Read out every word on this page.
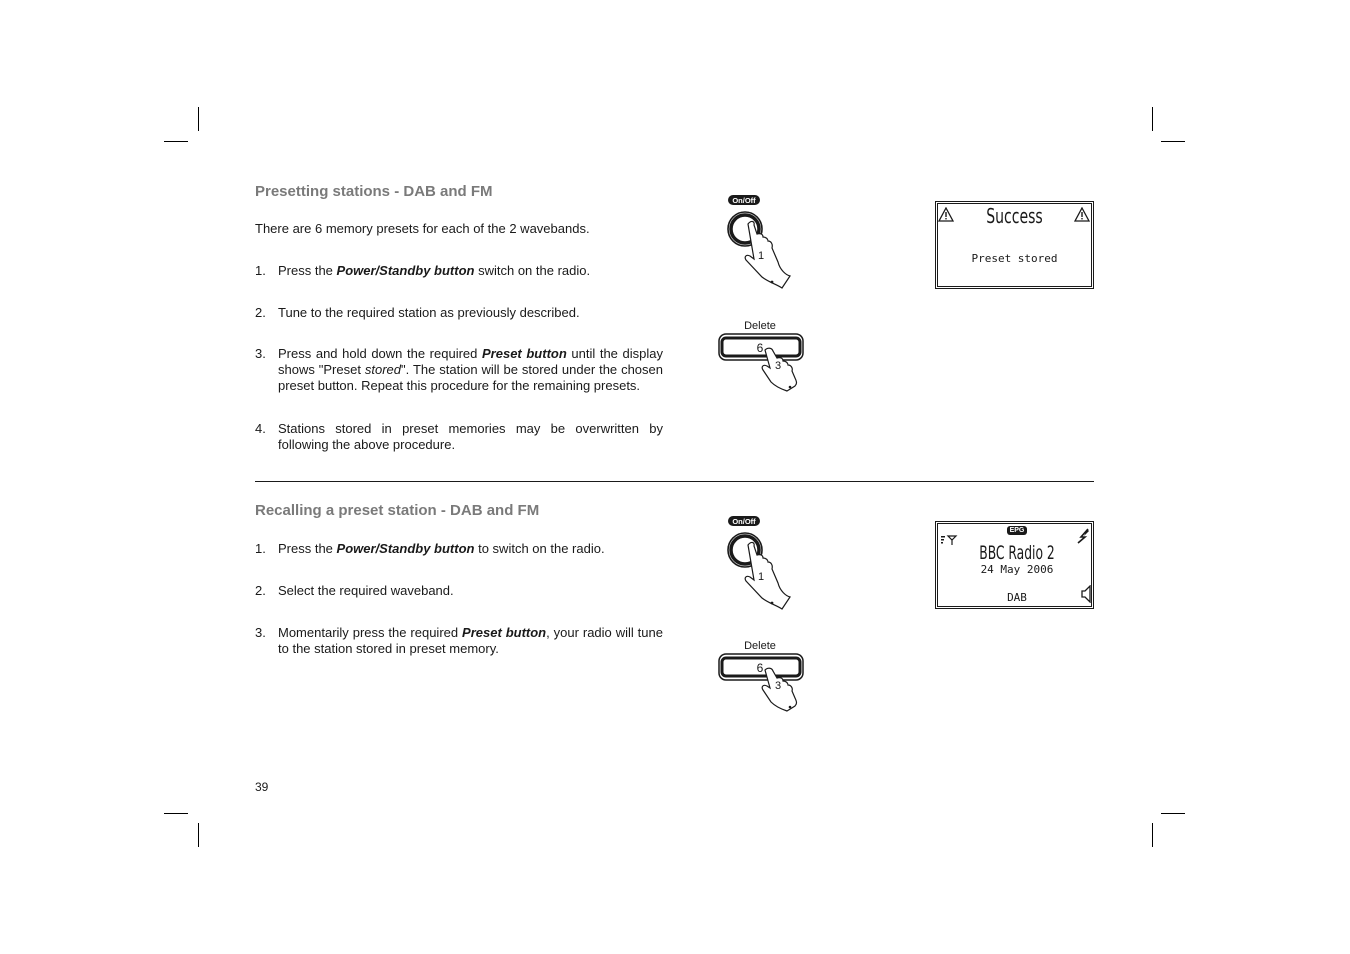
Presetting stations - DAB and FM

There are 6 memory presets for each of the 2 wavebands.

1. Press the Power/Standby button switch on the radio.
2. Tune to the required station as previously described.
3. Press and hold down the required Preset button until the display shows "Preset stored". The station will be stored under the chosen preset button. Repeat this procedure for the remaining presets.
4. Stations stored in preset memories may be overwritten by following the above procedure.
On/Off
1
Delete
6
3
Success
Preset stored
Recalling a preset station - DAB and FM
1. Press the Power/Standby button to switch on the radio.
2. Select the required waveband.
3. Momentarily press the required Preset button, your radio will tune to the station stored in preset memory.
On/Off
1
Delete
6
3
EPG
BBC Radio 2
24 May 2006
DAB
39
